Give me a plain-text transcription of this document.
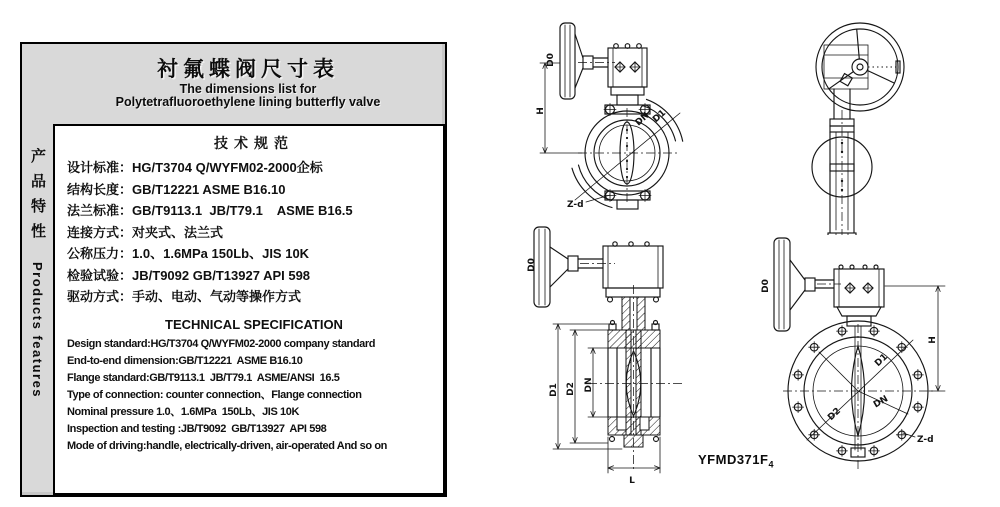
衬氟蝶阀尺寸表
The dimensions list for
Polytetrafluoroethylene lining butterfly valve
产品特性Products features
技术规范
设计标准：HG/T3704 Q/WYFM02-2000企标
结构长度：GB/T12221 ASME B16.10
法兰标准：GB/T9113.1  JB/T79.1    ASME B16.5
连接方式：对夹式、法兰式
公称压力：1.0、1.6MPa 150Lb、JIS 10K
检验试验：JB/T9092 GB/T13927 API 598
驱动方式：手动、电动、气动等操作方式
TECHNICAL SPECIFICATION
Design standard:HG/T3704 Q/WYFM02-2000 company standard
End-to-end dimension:GB/T12221  ASME B16.10
Flange standard:GB/T9113.1  JB/T79.1  ASME/ANSI  16.5
Type of connection: counter connection、Flange connection
Nominal pressure 1.0、1.6MPa  150Lb、JIS 10K
Inspection and testing :JB/T9092  GB/T13927  API 598
Mode of driving:handle, electrically-driven, air-operated And so on
D0
H	DN D1
Z-d
D0
D1 D2 DN
L
D0
H
D1
D2
DN
Z-d
$YFMD371F_4$
